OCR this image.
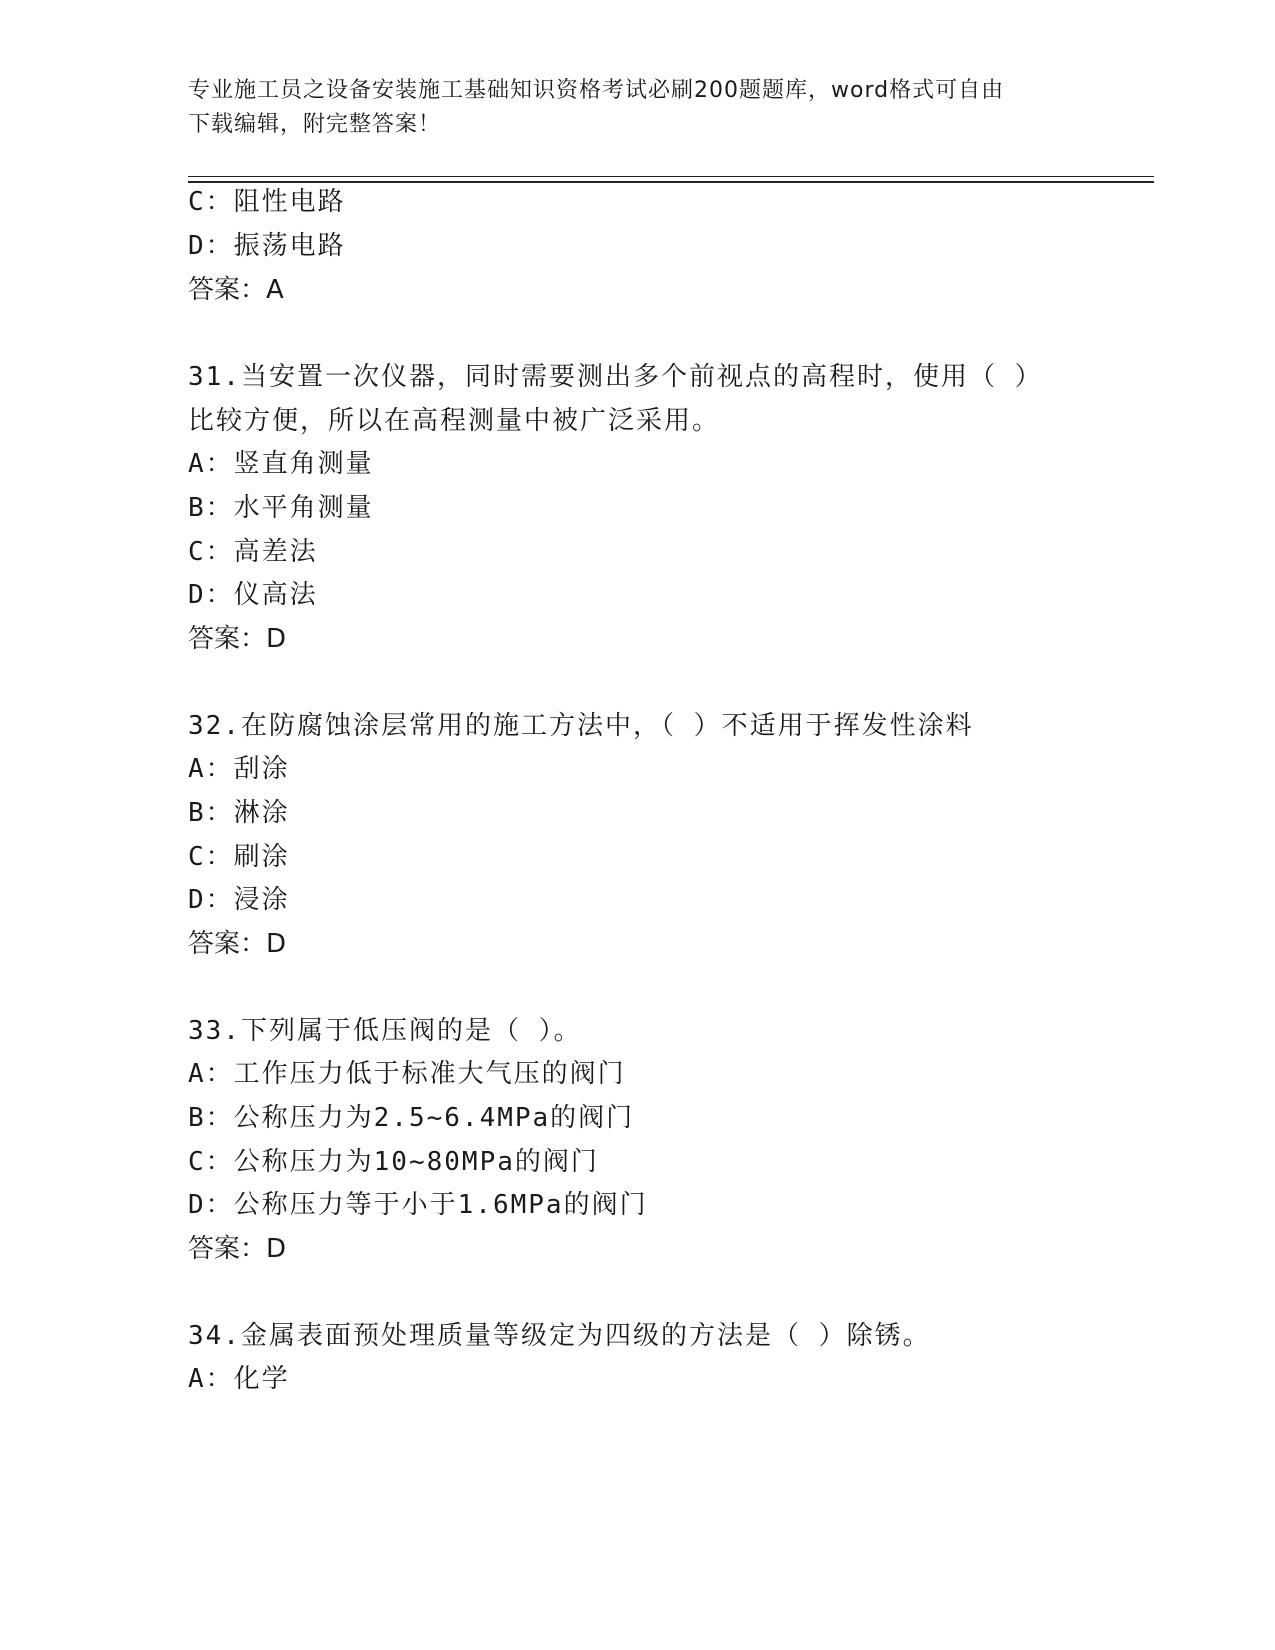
专业施工员之设备安装施工基础知识资格考试必刷200题题库，word格式可自由
下载编辑，附完整答案！
C：阻性电路
D：振荡电路
答案：A
31.当安置一次仪器，同时需要测出多个前视点的高程时，使用（ ）
比较方便，所以在高程测量中被广泛采用。
A：竖直角测量
B：水平角测量
C：高差法
D：仪高法
答案：D
32.在防腐蚀涂层常用的施工方法中，（ ）不适用于挥发性涂料
A：刮涂
B：淋涂
C：刷涂
D：浸涂
答案：D
33.下列属于低压阀的是（ ）。
A：工作压力低于标准大气压的阀门
B：公称压力为2.5~6.4MPa的阀门
C：公称压力为10~80MPa的阀门
D：公称压力等于小于1.6MPa的阀门
答案：D
34.金属表面预处理质量等级定为四级的方法是（ ）除锈。
A：化学
